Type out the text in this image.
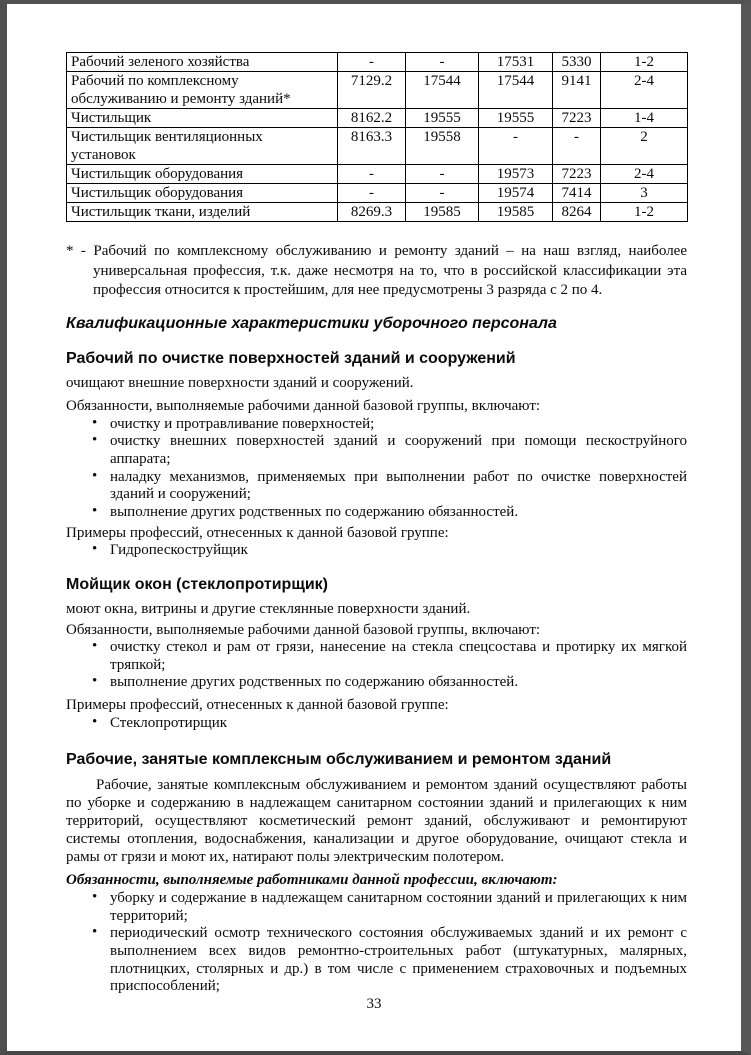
Рабочий зеленого хозяйства	-	-	17531	5330	1-2
Рабочий по комплексному обслуживанию и ремонту зданий*	7129.2	17544	17544	9141	2-4
Чистильщик	8162.2	19555	19555	7223	1-4
Чистильщик вентиляционных установок	8163.3	19558	-	-	2
Чистильщик оборудования	-	-	19573	7223	2-4
Чистильщик оборудования	-	-	19574	7414	3
Чистильщик ткани, изделий	8269.3	19585	19585	8264	1-2
* - Рабочий по комплексному обслуживанию и ремонту зданий – на наш взгляд, наиболее универсальная профессия, т.к. даже несмотря на то, что в российской классификации эта профессия относится к простейшим, для нее предусмотрены 3 разряда с 2 по 4.
Квалификационные характеристики уборочного персонала
Рабочий по очистке поверхностей зданий и сооружений
очищают внешние поверхности зданий и сооружений.
Обязанности, выполняемые рабочими данной базовой группы, включают:
• очистку и протравливание поверхностей;
• очистку внешних поверхностей зданий и сооружений при помощи пескоструйного аппарата;
• наладку механизмов, применяемых при выполнении работ по очистке поверхностей зданий и сооружений;
• выполнение других родственных по содержанию обязанностей.
Примеры профессий, отнесенных к данной базовой группе:
• Гидропескоструйщик
Мойщик окон (стеклопротирщик)
моют окна, витрины и другие стеклянные поверхности зданий.
Обязанности, выполняемые рабочими данной базовой группы, включают:
• очистку стекол и рам от грязи, нанесение на стекла спецсостава и протирку их мягкой тряпкой;
• выполнение других родственных по содержанию обязанностей.
Примеры профессий, отнесенных к данной базовой группе:
• Стеклопротирщик
Рабочие, занятые комплексным обслуживанием и ремонтом зданий
Рабочие, занятые комплексным обслуживанием и ремонтом зданий осуществляют работы по уборке и содержанию в надлежащем санитарном состоянии зданий и прилегающих к ним территорий, осуществляют косметический ремонт зданий, обслуживают и ремонтируют системы отопления, водоснабжения, канализации и другое оборудование, очищают стекла и рамы от грязи и моют их, натирают полы электрическим полотером.
Обязанности, выполняемые работниками данной профессии, включают:
• уборку и содержание в надлежащем санитарном состоянии зданий и прилегающих к ним территорий;
• периодический осмотр технического состояния обслуживаемых зданий и их ремонт с выполнением всех видов ремонтно-строительных работ (штукатурных, малярных, плотницких, столярных и др.) в том числе с применением страховочных и подъемных приспособлений;
33
